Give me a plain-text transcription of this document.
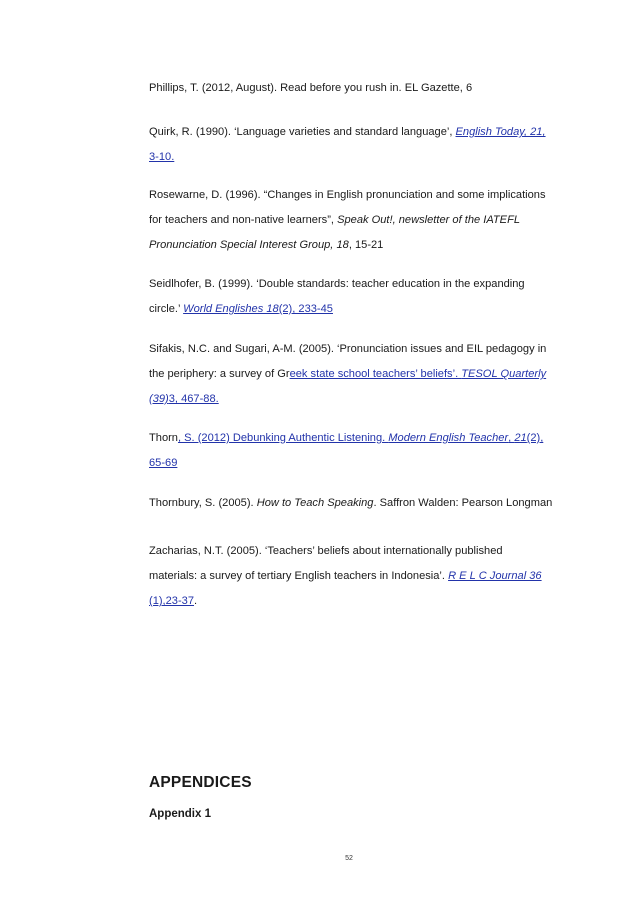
Phillips, T. (2012, August). Read before you rush in. EL Gazette, 6
Quirk, R. (1990). ‘Language varieties and standard language’, English Today, 21,
3-10.
Rosewarne, D. (1996). “Changes in English pronunciation and some implications
for teachers and non-native learners”, Speak Out!, newsletter of the IATEFL
Pronunciation Special Interest Group, 18, 15-21
Seidlhofer, B. (1999). ‘Double standards: teacher education in the expanding
circle.’ World Englishes 18(2), 233-45
Sifakis, N.C. and Sugari, A-M. (2005). ‘Pronunciation issues and EIL pedagogy in
the periphery: a survey of Greek state school teachers’ beliefs’. TESOL Quarterly
(39)3, 467-88.
Thorn, S. (2012) Debunking Authentic Listening. Modern English Teacher, 21(2),
65-69
Thornbury, S. (2005). How to Teach Speaking. Saffron Walden: Pearson Longman
Zacharias, N.T. (2005). ‘Teachers’ beliefs about internationally published
materials: a survey of tertiary English teachers in Indonesia’. R E L C Journal 36
(1),23-37.
APPENDICES
Appendix 1
52
